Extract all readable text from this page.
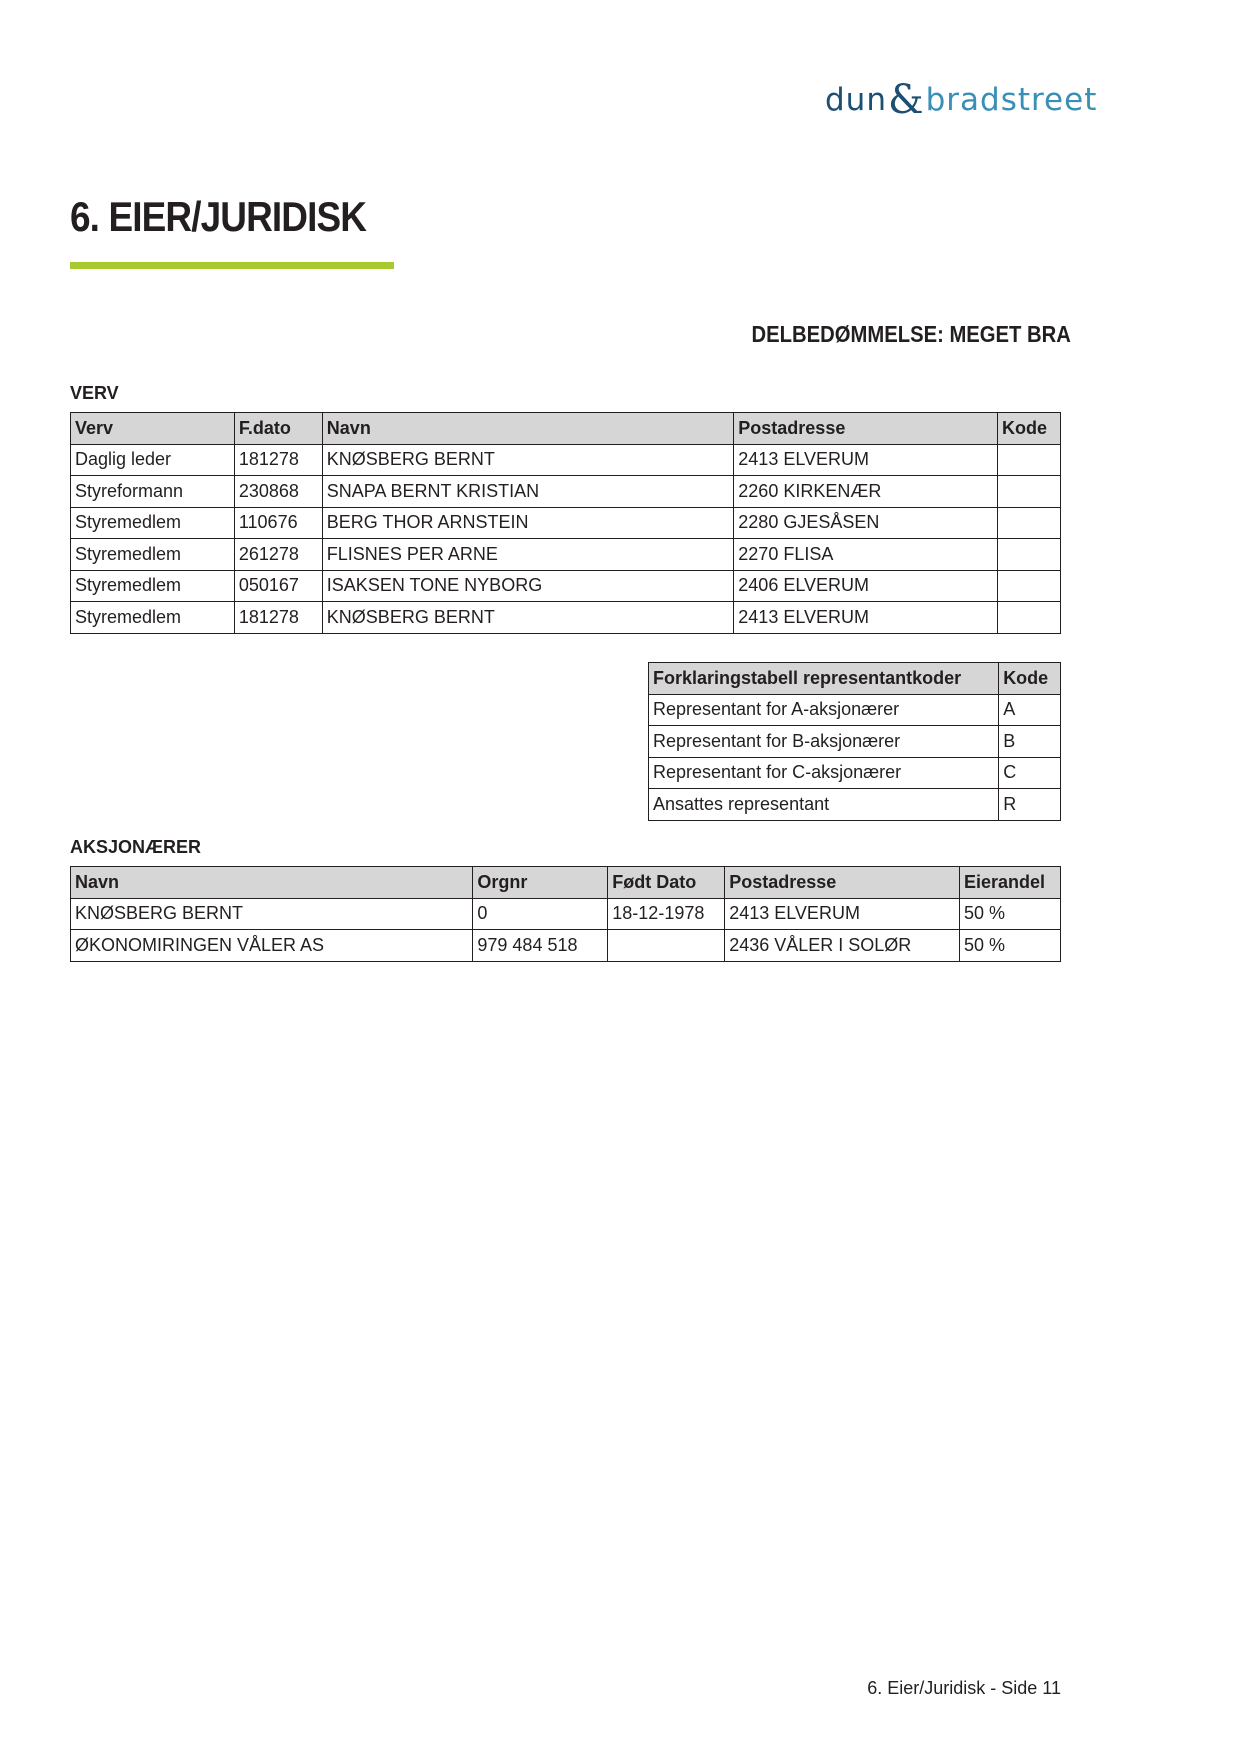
dun & bradstreet
6. EIER/JURIDISK
DELBEDØMMELSE: MEGET BRA
VERV
Verv	F.dato	Navn	Postadresse	Kode
Daglig leder	181278	KNØSBERG BERNT	2413 ELVERUM	
Styreformann	230868	SNAPA BERNT KRISTIAN	2260 KIRKENÆR	
Styremedlem	110676	BERG THOR ARNSTEIN	2280 GJESÅSEN	
Styremedlem	261278	FLISNES PER ARNE	2270 FLISA	
Styremedlem	050167	ISAKSEN TONE NYBORG	2406 ELVERUM	
Styremedlem	181278	KNØSBERG BERNT	2413 ELVERUM	
Forklaringstabell representantkoder	Kode
Representant for A-aksjonærer	A
Representant for B-aksjonærer	B
Representant for C-aksjonærer	C
Ansattes representant	R
AKSJONÆRER
Navn	Orgnr	Født Dato	Postadresse	Eierandel
KNØSBERG BERNT	0	18-12-1978	2413 ELVERUM	50 %
ØKONOMIRINGEN VÅLER AS	979 484 518		2436 VÅLER I SOLØR	50 %
6. Eier/Juridisk - Side 11
